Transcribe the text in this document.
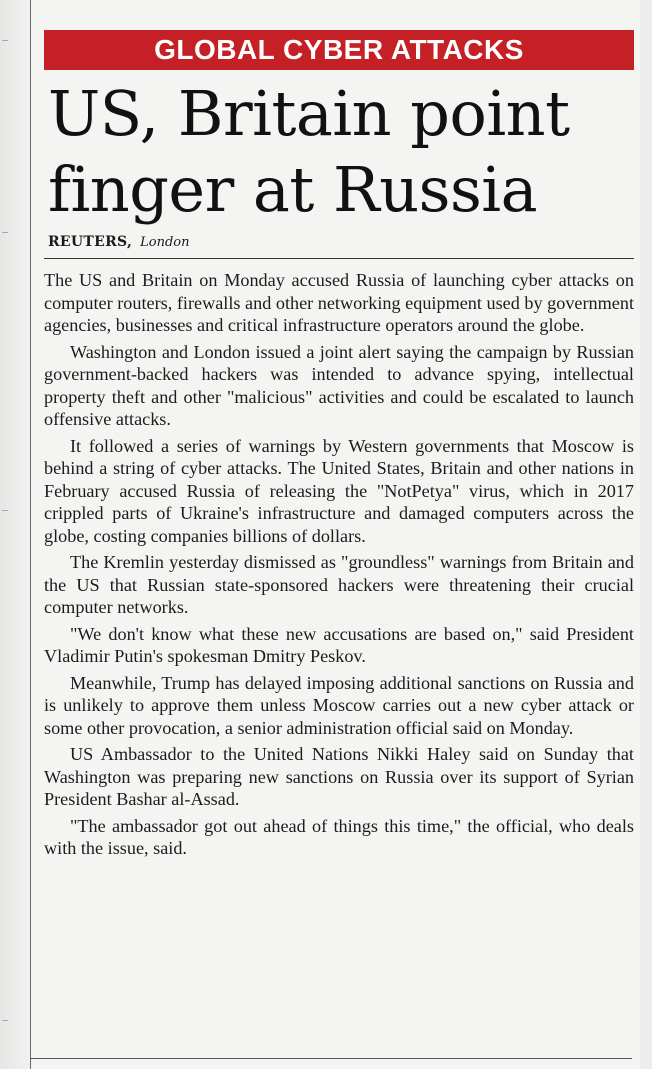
GLOBAL CYBER ATTACKS
US, Britain point finger at Russia
REUTERS, London

The US and Britain on Monday accused Russia of launching cyber attacks on computer routers, firewalls and other networking equipment used by government agencies, businesses and critical infrastructure operators around the globe.

Washington and London issued a joint alert saying the campaign by Russian government-backed hackers was intended to advance spying, intellectual property theft and other "malicious" activities and could be escalated to launch offensive attacks.

It followed a series of warnings by Western governments that Moscow is behind a string of cyber attacks. The United States, Britain and other nations in February accused Russia of releasing the "NotPetya" virus, which in 2017 crippled parts of Ukraine's infrastructure and damaged computers across the globe, costing companies billions of dollars.

The Kremlin yesterday dismissed as "groundless" warnings from Britain and the US that Russian state-sponsored hackers were threatening their crucial computer networks.

"We don't know what these new accusations are based on," said President Vladimir Putin's spokesman Dmitry Peskov.

Meanwhile, Trump has delayed imposing additional sanctions on Russia and is unlikely to approve them unless Moscow carries out a new cyber attack or some other provocation, a senior administration official said on Monday.

US Ambassador to the United Nations Nikki Haley said on Sunday that Washington was preparing new sanctions on Russia over its support of Syrian President Bashar al-Assad.

"The ambassador got out ahead of things this time," the official, who deals with the issue, said.
